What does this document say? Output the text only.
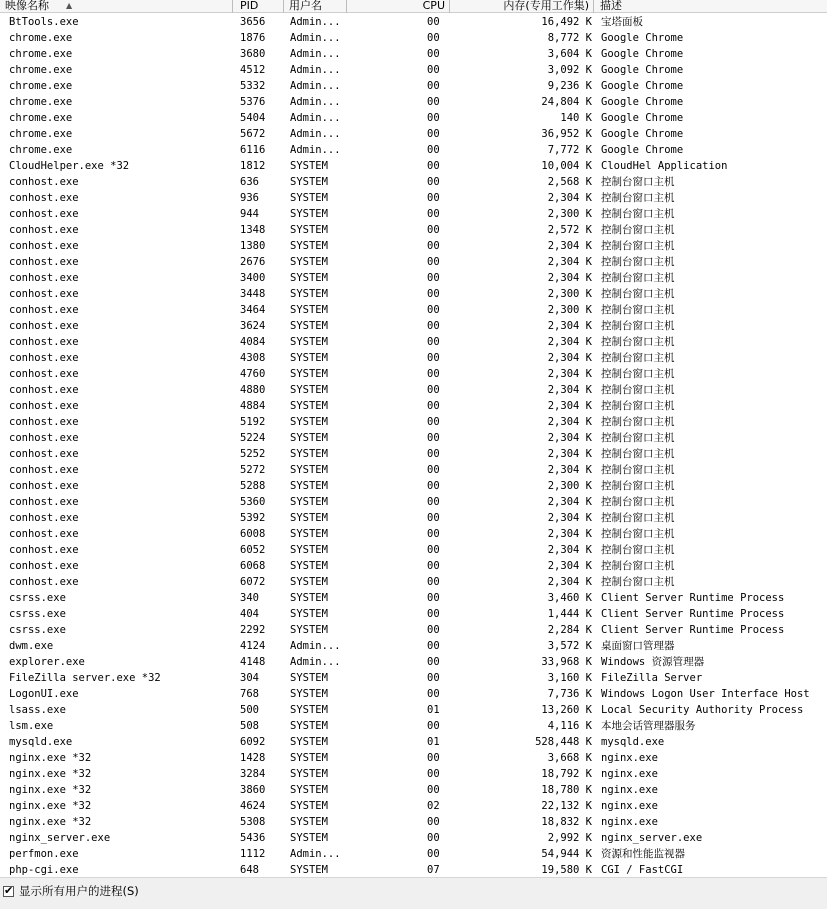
映像名称 ▲	PID	用户名	CPU	内存(专用工作集)	描述
BtTools.exe	3656	Admin...	00	16,492 K 宝塔面板
chrome.exe	1876	Admin...	00	8,772 K Google Chrome
chrome.exe	3680	Admin...	00	3,604 K Google Chrome
chrome.exe	4512	Admin...	00	3,092 K Google Chrome
chrome.exe	5332	Admin...	00	9,236 K Google Chrome
chrome.exe	5376	Admin...	00	24,804 K Google Chrome
chrome.exe	5404	Admin...	00	140 K Google Chrome
chrome.exe	5672	Admin...	00	36,952 K Google Chrome
chrome.exe	6116	Admin...	00	7,772 K Google Chrome
CloudHelper.exe *32	1812	SYSTEM	00	10,004 K CloudHel Application
conhost.exe	636	SYSTEM	00	2,568 K 控制台窗口主机
conhost.exe	936	SYSTEM	00	2,304 K 控制台窗口主机
conhost.exe	944	SYSTEM	00	2,300 K 控制台窗口主机
conhost.exe	1348	SYSTEM	00	2,572 K 控制台窗口主机
conhost.exe	1380	SYSTEM	00	2,304 K 控制台窗口主机
conhost.exe	2676	SYSTEM	00	2,304 K 控制台窗口主机
conhost.exe	3400	SYSTEM	00	2,304 K 控制台窗口主机
conhost.exe	3448	SYSTEM	00	2,300 K 控制台窗口主机
conhost.exe	3464	SYSTEM	00	2,300 K 控制台窗口主机
conhost.exe	3624	SYSTEM	00	2,304 K 控制台窗口主机
conhost.exe	4084	SYSTEM	00	2,304 K 控制台窗口主机
conhost.exe	4308	SYSTEM	00	2,304 K 控制台窗口主机
conhost.exe	4760	SYSTEM	00	2,304 K 控制台窗口主机
conhost.exe	4880	SYSTEM	00	2,304 K 控制台窗口主机
conhost.exe	4884	SYSTEM	00	2,304 K 控制台窗口主机
conhost.exe	5192	SYSTEM	00	2,304 K 控制台窗口主机
conhost.exe	5224	SYSTEM	00	2,304 K 控制台窗口主机
conhost.exe	5252	SYSTEM	00	2,304 K 控制台窗口主机
conhost.exe	5272	SYSTEM	00	2,304 K 控制台窗口主机
conhost.exe	5288	SYSTEM	00	2,300 K 控制台窗口主机
conhost.exe	5360	SYSTEM	00	2,304 K 控制台窗口主机
conhost.exe	5392	SYSTEM	00	2,304 K 控制台窗口主机
conhost.exe	6008	SYSTEM	00	2,304 K 控制台窗口主机
conhost.exe	6052	SYSTEM	00	2,304 K 控制台窗口主机
conhost.exe	6068	SYSTEM	00	2,304 K 控制台窗口主机
conhost.exe	6072	SYSTEM	00	2,304 K 控制台窗口主机
csrss.exe	340	SYSTEM	00	3,460 K Client Server Runtime Process
csrss.exe	404	SYSTEM	00	1,444 K Client Server Runtime Process
csrss.exe	2292	SYSTEM	00	2,284 K Client Server Runtime Process
dwm.exe	4124	Admin...	00	3,572 K 桌面窗口管理器
explorer.exe	4148	Admin...	00	33,968 K Windows 资源管理器
FileZilla server.exe *32	304	SYSTEM	00	3,160 K FileZilla Server
LogonUI.exe	768	SYSTEM	00	7,736 K Windows Logon User Interface Host
lsass.exe	500	SYSTEM	01	13,260 K Local Security Authority Process
lsm.exe	508	SYSTEM	00	4,116 K 本地会话管理器服务
mysqld.exe	6092	SYSTEM	01	528,448 K mysqld.exe
nginx.exe *32	1428	SYSTEM	00	3,668 K nginx.exe
nginx.exe *32	3284	SYSTEM	00	18,792 K nginx.exe
nginx.exe *32	3860	SYSTEM	00	18,780 K nginx.exe
nginx.exe *32	4624	SYSTEM	02	22,132 K nginx.exe
nginx.exe *32	5308	SYSTEM	00	18,832 K nginx.exe
nginx_server.exe	5436	SYSTEM	00	2,992 K nginx_server.exe
perfmon.exe	1112	Admin...	00	54,944 K 资源和性能监视器
php-cgi.exe	648	SYSTEM	07	19,580 K CGI / FastCGI
✔ 显示所有用户的进程(S)
